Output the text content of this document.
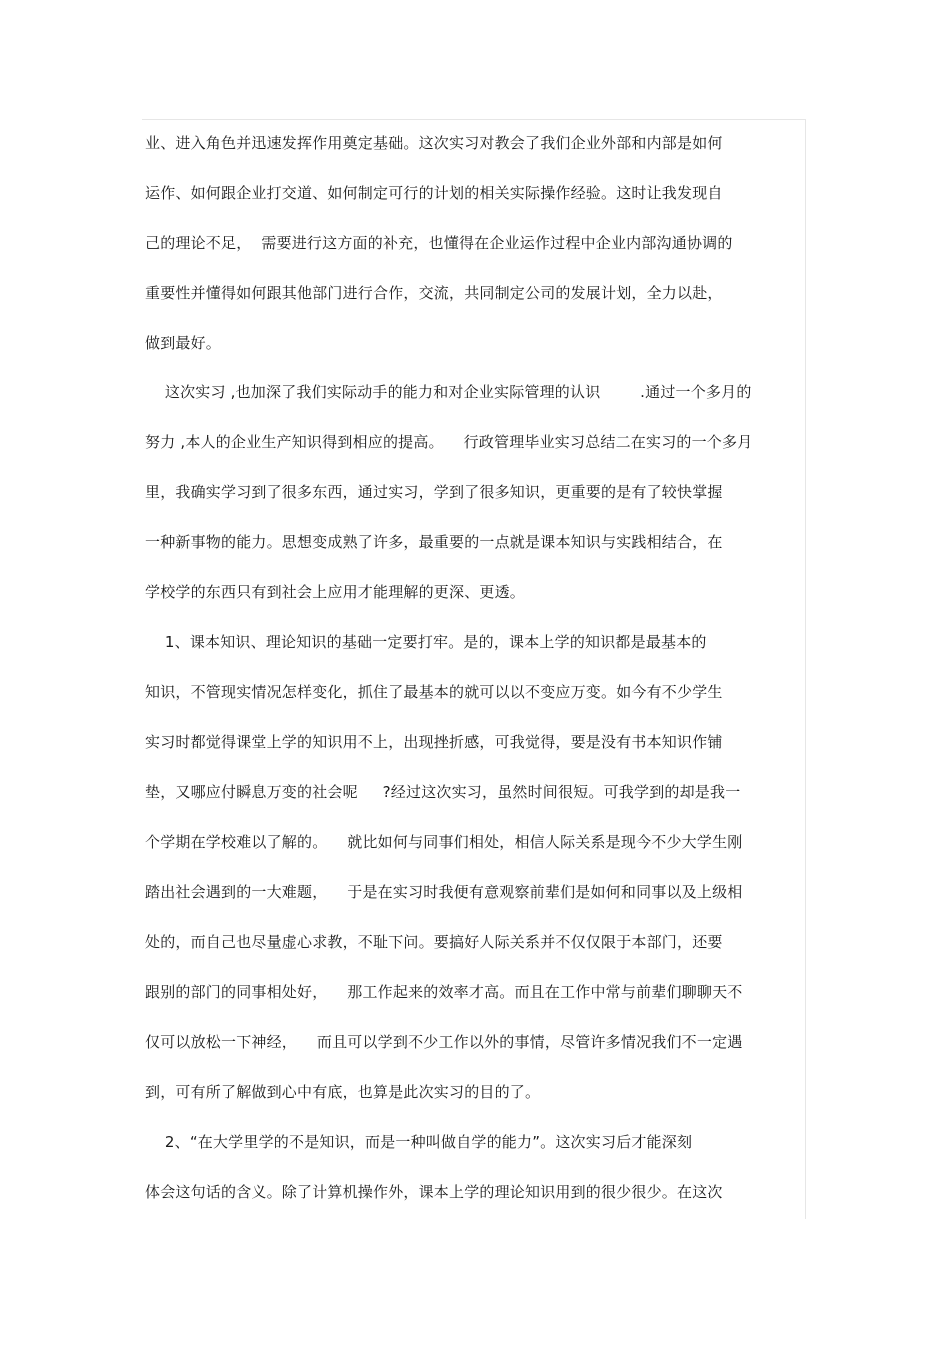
业、进入角色并迅速发挥作用奠定基础。这次实习对教会了我们企业外部和内部是如何
运作、如何跟企业打交道、如何制定可行的计划的相关实际操作经验。这时让我发现自
己的理论不足，  需要进行这方面的补充，也懂得在企业运作过程中企业内部沟通协调的
重要性并懂得如何跟其他部门进行合作，交流，共同制定公司的发展计划，全力以赴，
做到最好。
这次实习 ,也加深了我们实际动手的能力和对企业实际管理的认识        .通过一个多月的
努力 ,本人的企业生产知识得到相应的提高。    行政管理毕业实习总结二在实习的一个多月
里，我确实学习到了很多东西，通过实习，学到了很多知识，更重要的是有了较快掌握
一种新事物的能力。思想变成熟了许多，最重要的一点就是课本知识与实践相结合，在
学校学的东西只有到社会上应用才能理解的更深、更透。
1、课本知识、理论知识的基础一定要打牢。是的，课本上学的知识都是最基本的
知识，不管现实情况怎样变化，抓住了最基本的就可以以不变应万变。如今有不少学生
实习时都觉得课堂上学的知识用不上，出现挫折感，可我觉得，要是没有书本知识作铺
垫，又哪应付瞬息万变的社会呢     ?经过这次实习，虽然时间很短。可我学到的却是我一
个学期在学校难以了解的。    就比如何与同事们相处，相信人际关系是现今不少大学生刚
踏出社会遇到的一大难题，    于是在实习时我便有意观察前辈们是如何和同事以及上级相
处的，而自己也尽量虚心求教，不耻下问。要搞好人际关系并不仅仅限于本部门，还要
跟别的部门的同事相处好，    那工作起来的效率才高。而且在工作中常与前辈们聊聊天不
仅可以放松一下神经，    而且可以学到不少工作以外的事情，尽管许多情况我们不一定遇
到，可有所了解做到心中有底，也算是此次实习的目的了。
2、“在大学里学的不是知识，而是一种叫做自学的能力”。这次实习后才能深刻
体会这句话的含义。除了计算机操作外，课本上学的理论知识用到的很少很少。在这次
